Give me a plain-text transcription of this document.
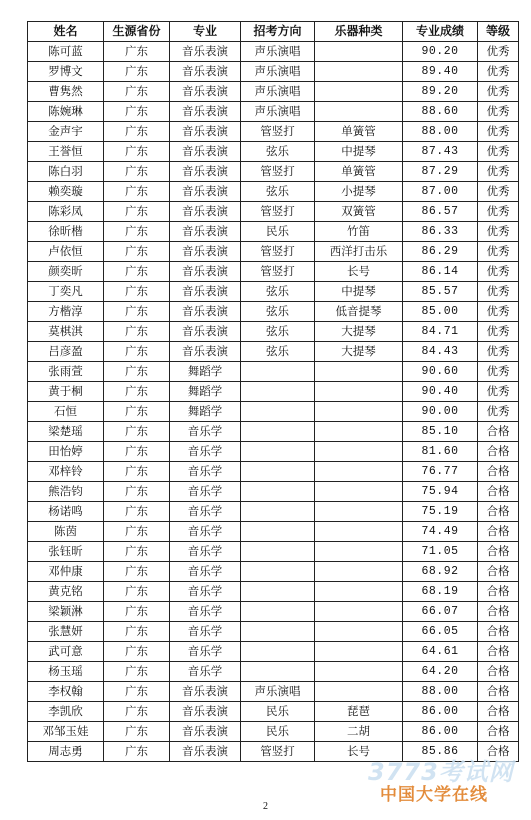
姓名	生源省份	专业	招考方向	乐器种类	专业成绩	等级
陈可蓝	广东	音乐表演	声乐演唱		90.20	优秀
罗博文	广东	音乐表演	声乐演唱		89.40	优秀
曹隽然	广东	音乐表演	声乐演唱		89.20	优秀
陈婉琳	广东	音乐表演	声乐演唱		88.60	优秀
金声宇	广东	音乐表演	管竖打	单簧管	88.00	优秀
王誉恒	广东	音乐表演	弦乐	中提琴	87.43	优秀
陈白羽	广东	音乐表演	管竖打	单簧管	87.29	优秀
赖奕璇	广东	音乐表演	弦乐	小提琴	87.00	优秀
陈彩凤	广东	音乐表演	管竖打	双簧管	86.57	优秀
徐昕楷	广东	音乐表演	民乐	竹笛	86.33	优秀
卢依恒	广东	音乐表演	管竖打	西洋打击乐	86.29	优秀
颜奕昕	广东	音乐表演	管竖打	长号	86.14	优秀
丁奕凡	广东	音乐表演	弦乐	中提琴	85.57	优秀
方楷淳	广东	音乐表演	弦乐	低音提琴	85.00	优秀
莫棋淇	广东	音乐表演	弦乐	大提琴	84.71	优秀
吕彦盈	广东	音乐表演	弦乐	大提琴	84.43	优秀
张雨萱	广东	舞蹈学			90.60	优秀
黄于桐	广东	舞蹈学			90.40	优秀
石恒	广东	舞蹈学			90.00	优秀
梁楚瑶	广东	音乐学			85.10	合格
田怡婷	广东	音乐学			81.60	合格
邓梓铃	广东	音乐学			76.77	合格
熊浩钧	广东	音乐学			75.94	合格
杨诺鸣	广东	音乐学			75.19	合格
陈茵	广东	音乐学			74.49	合格
张钰昕	广东	音乐学			71.05	合格
邓仲康	广东	音乐学			68.92	合格
黄克铭	广东	音乐学			68.19	合格
梁颖淋	广东	音乐学			66.07	合格
张慧妍	广东	音乐学			66.05	合格
武可意	广东	音乐学			64.61	合格
杨玉瑶	广东	音乐学			64.20	合格
李权翰	广东	音乐表演	声乐演唱		88.00	合格
李凯欣	广东	音乐表演	民乐	琵琶	86.00	合格
邓邹玉娃	广东	音乐表演	民乐	二胡	86.00	合格
周志勇	广东	音乐表演	管竖打	长号	85.86	合格
2
3773考试网
中国大学在线
